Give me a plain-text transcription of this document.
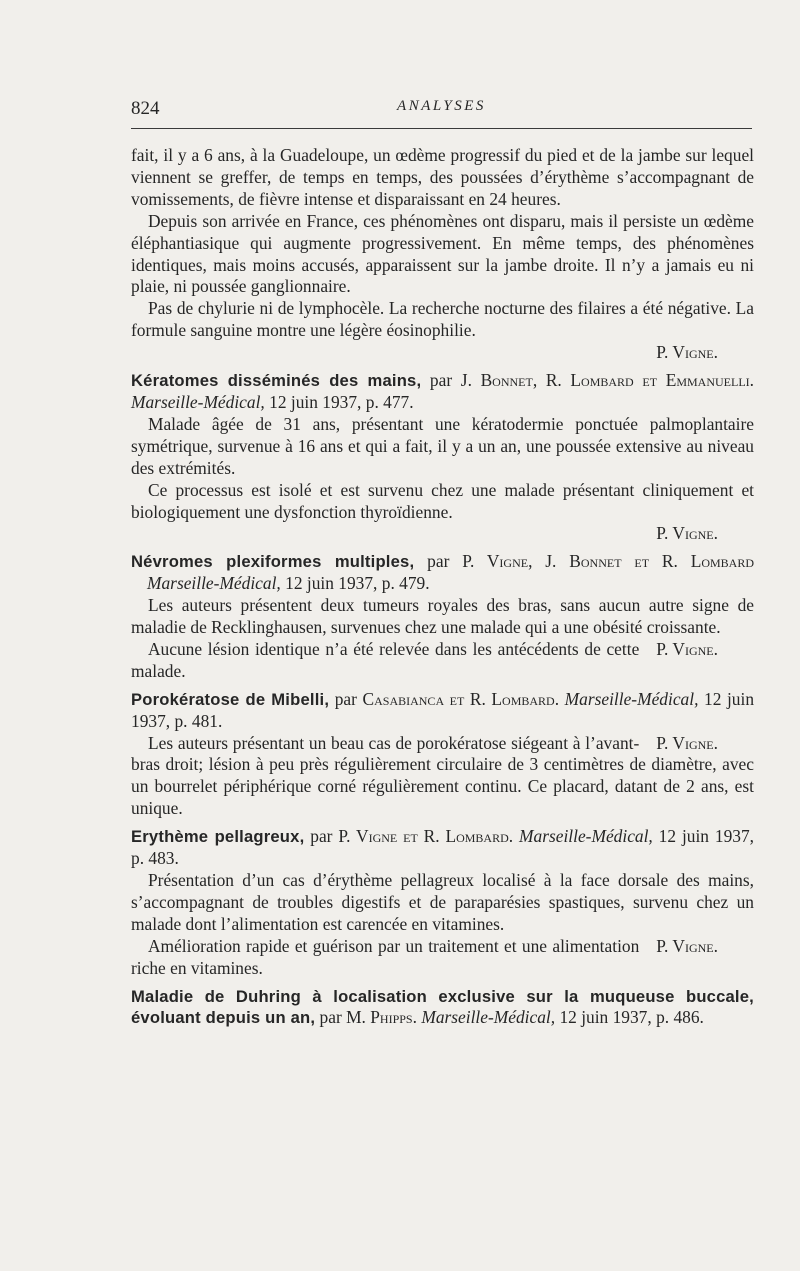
824	ANALYSES

fait, il y a 6 ans, à la Guadeloupe, un œdème progressif du pied et de la jambe sur lequel viennent se greffer, de temps en temps, des poussées d’érythème s’accompagnant de vomissements, de fièvre intense et disparaissant en 24 heures.

Depuis son arrivée en France, ces phénomènes ont disparu, mais il persiste un œdème éléphantiasique qui augmente progressivement. En même temps, des phénomènes identiques, mais moins accusés, apparaissent sur la jambe droite. Il n’y a jamais eu ni plaie, ni poussée ganglionnaire.

Pas de chylurie ni de lymphocèle. La recherche nocturne des filaires a été négative. La formule sanguine montre une légère éosinophilie.

P. Vigne.

Kératomes disséminés des mains, par J. Bonnet, R. Lombard et Emmanuelli. Marseille-Médical, 12 juin 1937, p. 477.

Malade âgée de 31 ans, présentant une kératodermie ponctuée palmoplantaire symétrique, survenue à 16 ans et qui a fait, il y a un an, une poussée extensive au niveau des extrémités.

Ce processus est isolé et est survenu chez une malade présentant cliniquement et biologiquement une dysfonction thyroïdienne.

P. Vigne.

Névromes plexiformes multiples, par P. Vigne, J. Bonnet et R. Lombard Marseille-Médical, 12 juin 1937, p. 479.

Les auteurs présentent deux tumeurs royales des bras, sans aucun autre signe de maladie de Recklinghausen, survenues chez une malade qui a une obésité croissante.

P. Vigne.
Aucune lésion identique n’a été relevée dans les antécédents de cette malade.

Porokératose de Mibelli, par Casabianca et R. Lombard. Marseille-Médical, 12 juin 1937, p. 481.

P. Vigne.
Les auteurs présentant un beau cas de porokératose siégeant à l’avant-bras droit; lésion à peu près régulièrement circulaire de 3 centimètres de diamètre, avec un bourrelet périphérique corné régulièrement continu. Ce placard, datant de 2 ans, est unique.

Erythème pellagreux, par P. Vigne et R. Lombard. Marseille-Médical, 12 juin 1937, p. 483.

Présentation d’un cas d’érythème pellagreux localisé à la face dorsale des mains, s’accompagnant de troubles digestifs et de paraparésies spastiques, survenu chez un malade dont l’alimentation est carencée en vitamines.

P. Vigne.
Amélioration rapide et guérison par un traitement et une alimentation riche en vitamines.

Maladie de Duhring à localisation exclusive sur la muqueuse buccale, évoluant depuis un an, par M. Phipps. Marseille-Médical, 12 juin 1937, p. 486.
